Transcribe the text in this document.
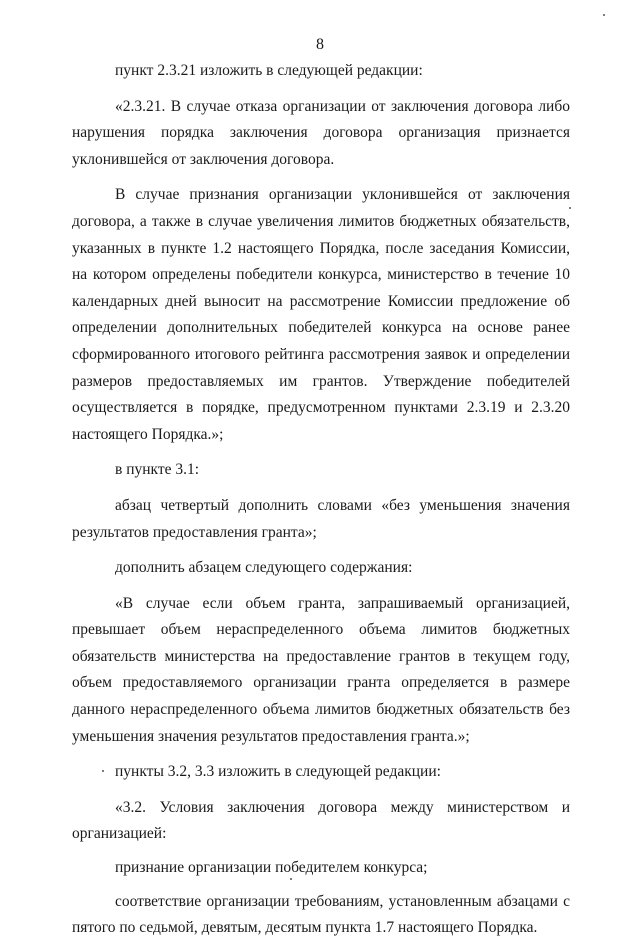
8

пункт 2.3.21 изложить в следующей редакции:

«2.3.21. В случае отказа организации от заключения договора либо нарушения порядка заключения договора организация признается уклонившейся от заключения договора.

В случае признания организации уклонившейся от заключения договора, а также в случае увеличения лимитов бюджетных обязательств, указанных в пункте 1.2 настоящего Порядка, после заседания Комиссии, на котором определены победители конкурса, министерство в течение 10 календарных дней выносит на рассмотрение Комиссии предложение об определении дополнительных победителей конкурса на основе ранее сформированного итогового рейтинга рассмотрения заявок и определении размеров предоставляемых им грантов. Утверждение победителей осуществляется в порядке, предусмотренном пунктами 2.3.19 и 2.3.20 настоящего Порядка.»;

в пункте 3.1:

абзац четвертый дополнить словами «без уменьшения значения результатов предоставления гранта»;

дополнить абзацем следующего содержания:

«В случае если объем гранта, запрашиваемый организацией, превышает объем нераспределенного объема лимитов бюджетных обязательств министерства на предоставление грантов в текущем году, объем предоставляемого организации гранта определяется в размере данного нераспределенного объема лимитов бюджетных обязательств без уменьшения значения результатов предоставления гранта.»;

пункты 3.2, 3.3 изложить в следующей редакции:

«3.2. Условия заключения договора между министерством и организацией:

признание организации победителем конкурса;

соответствие организации требованиям, установленным абзацами с пятого по седьмой, девятым, десятым пункта 1.7 настоящего Порядка.
